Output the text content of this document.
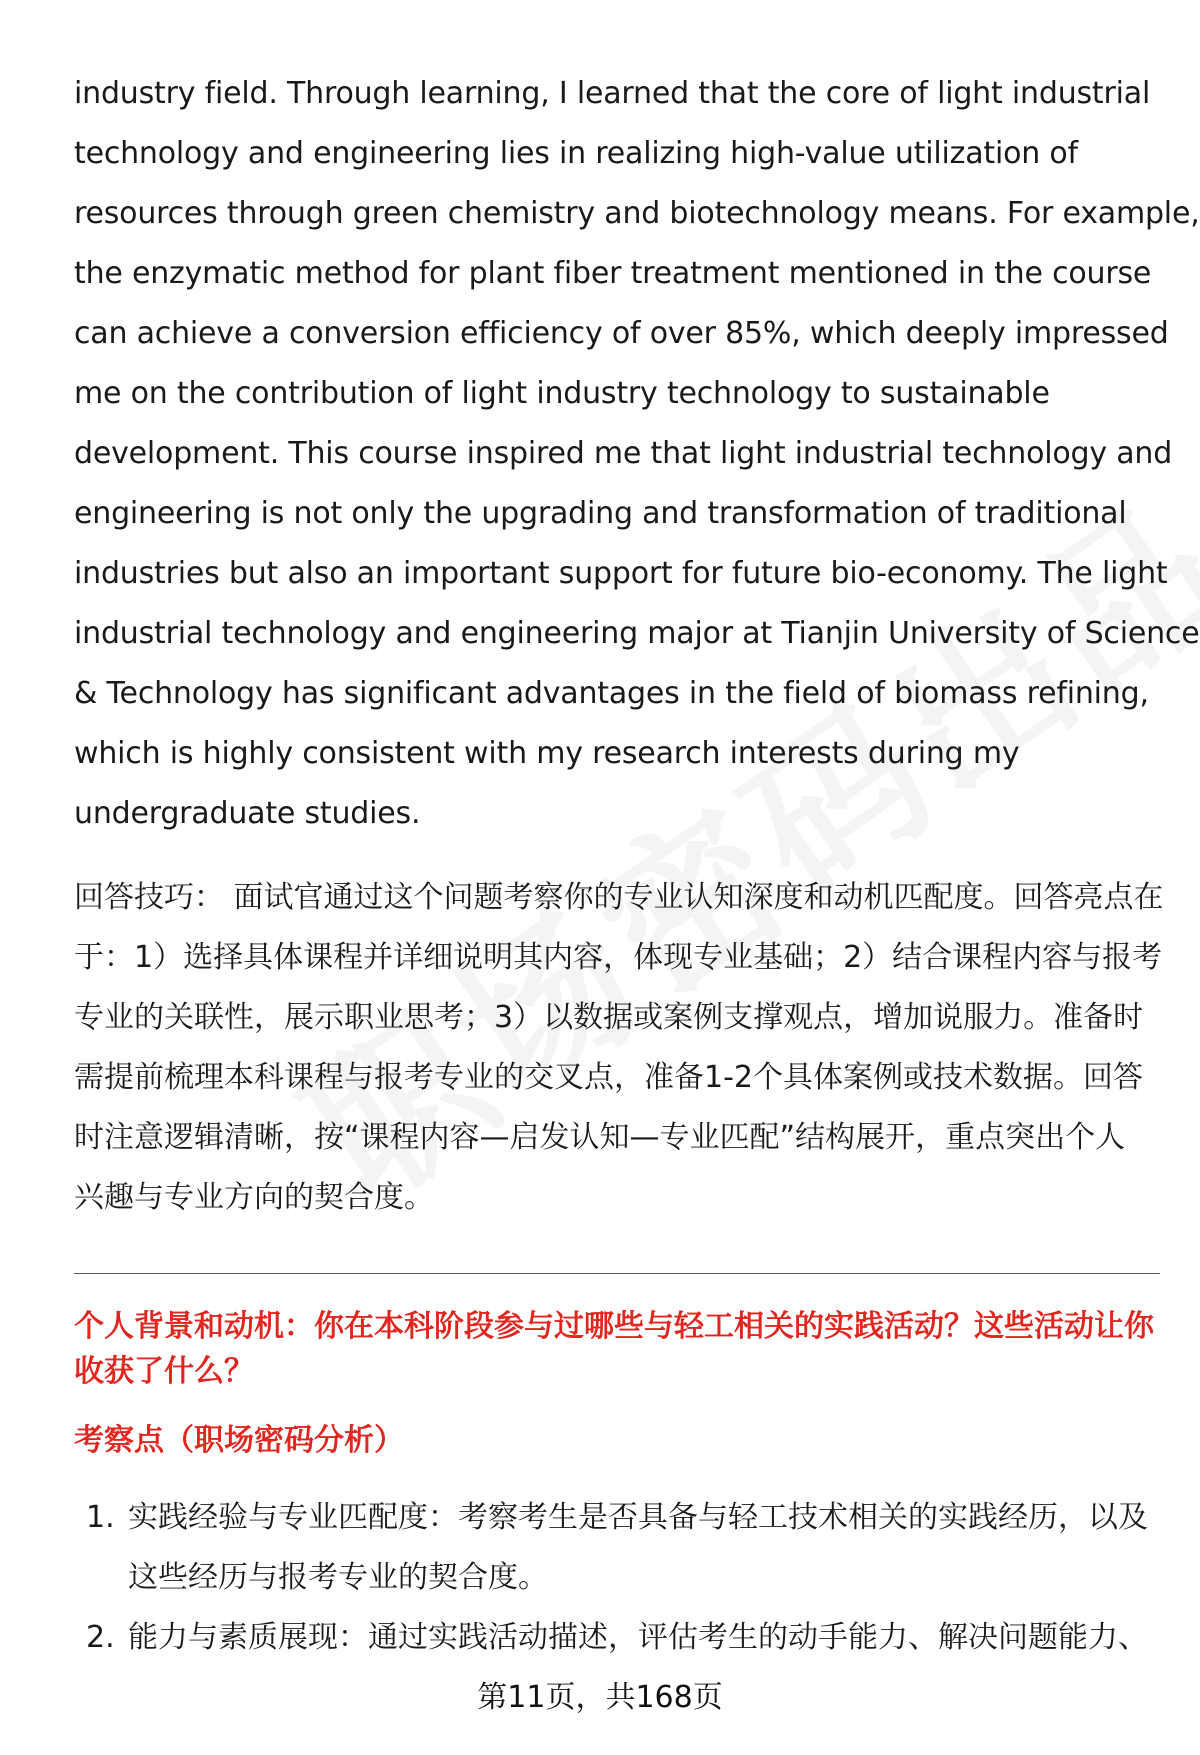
industry field. Through learning, I learned that the core of light industrial
technology and engineering lies in realizing high-value utilization of
resources through green chemistry and biotechnology means. For example,
the enzymatic method for plant fiber treatment mentioned in the course
can achieve a conversion efficiency of over 85%, which deeply impressed
me on the contribution of light industry technology to sustainable
development. This course inspired me that light industrial technology and
engineering is not only the upgrading and transformation of traditional
industries but also an important support for future bio-economy. The light
industrial technology and engineering major at Tianjin University of Science
& Technology has significant advantages in the field of biomass refining,
which is highly consistent with my research interests during my
undergraduate studies.

回答技巧： 面试官通过这个问题考察你的专业认知深度和动机匹配度。回答亮点在
于：1）选择具体课程并详细说明其内容，体现专业基础；2）结合课程内容与报考
专业的关联性，展示职业思考；3）以数据或案例支撑观点，增加说服力。准备时
需提前梳理本科课程与报考专业的交叉点，准备1-2个具体案例或技术数据。回答
时注意逻辑清晰，按“课程内容—启发认知—专业匹配”结构展开，重点突出个人
兴趣与专业方向的契合度。

个人背景和动机：你在本科阶段参与过哪些与轻工相关的实践活动？这些活动让你
收获了什么？
考察点（职场密码分析）
1. 实践经验与专业匹配度：考察考生是否具备与轻工技术相关的实践经历，以及
这些经历与报考专业的契合度。
2. 能力与素质展现：通过实践活动描述，评估考生的动手能力、解决问题能力、
第11页，共168页
